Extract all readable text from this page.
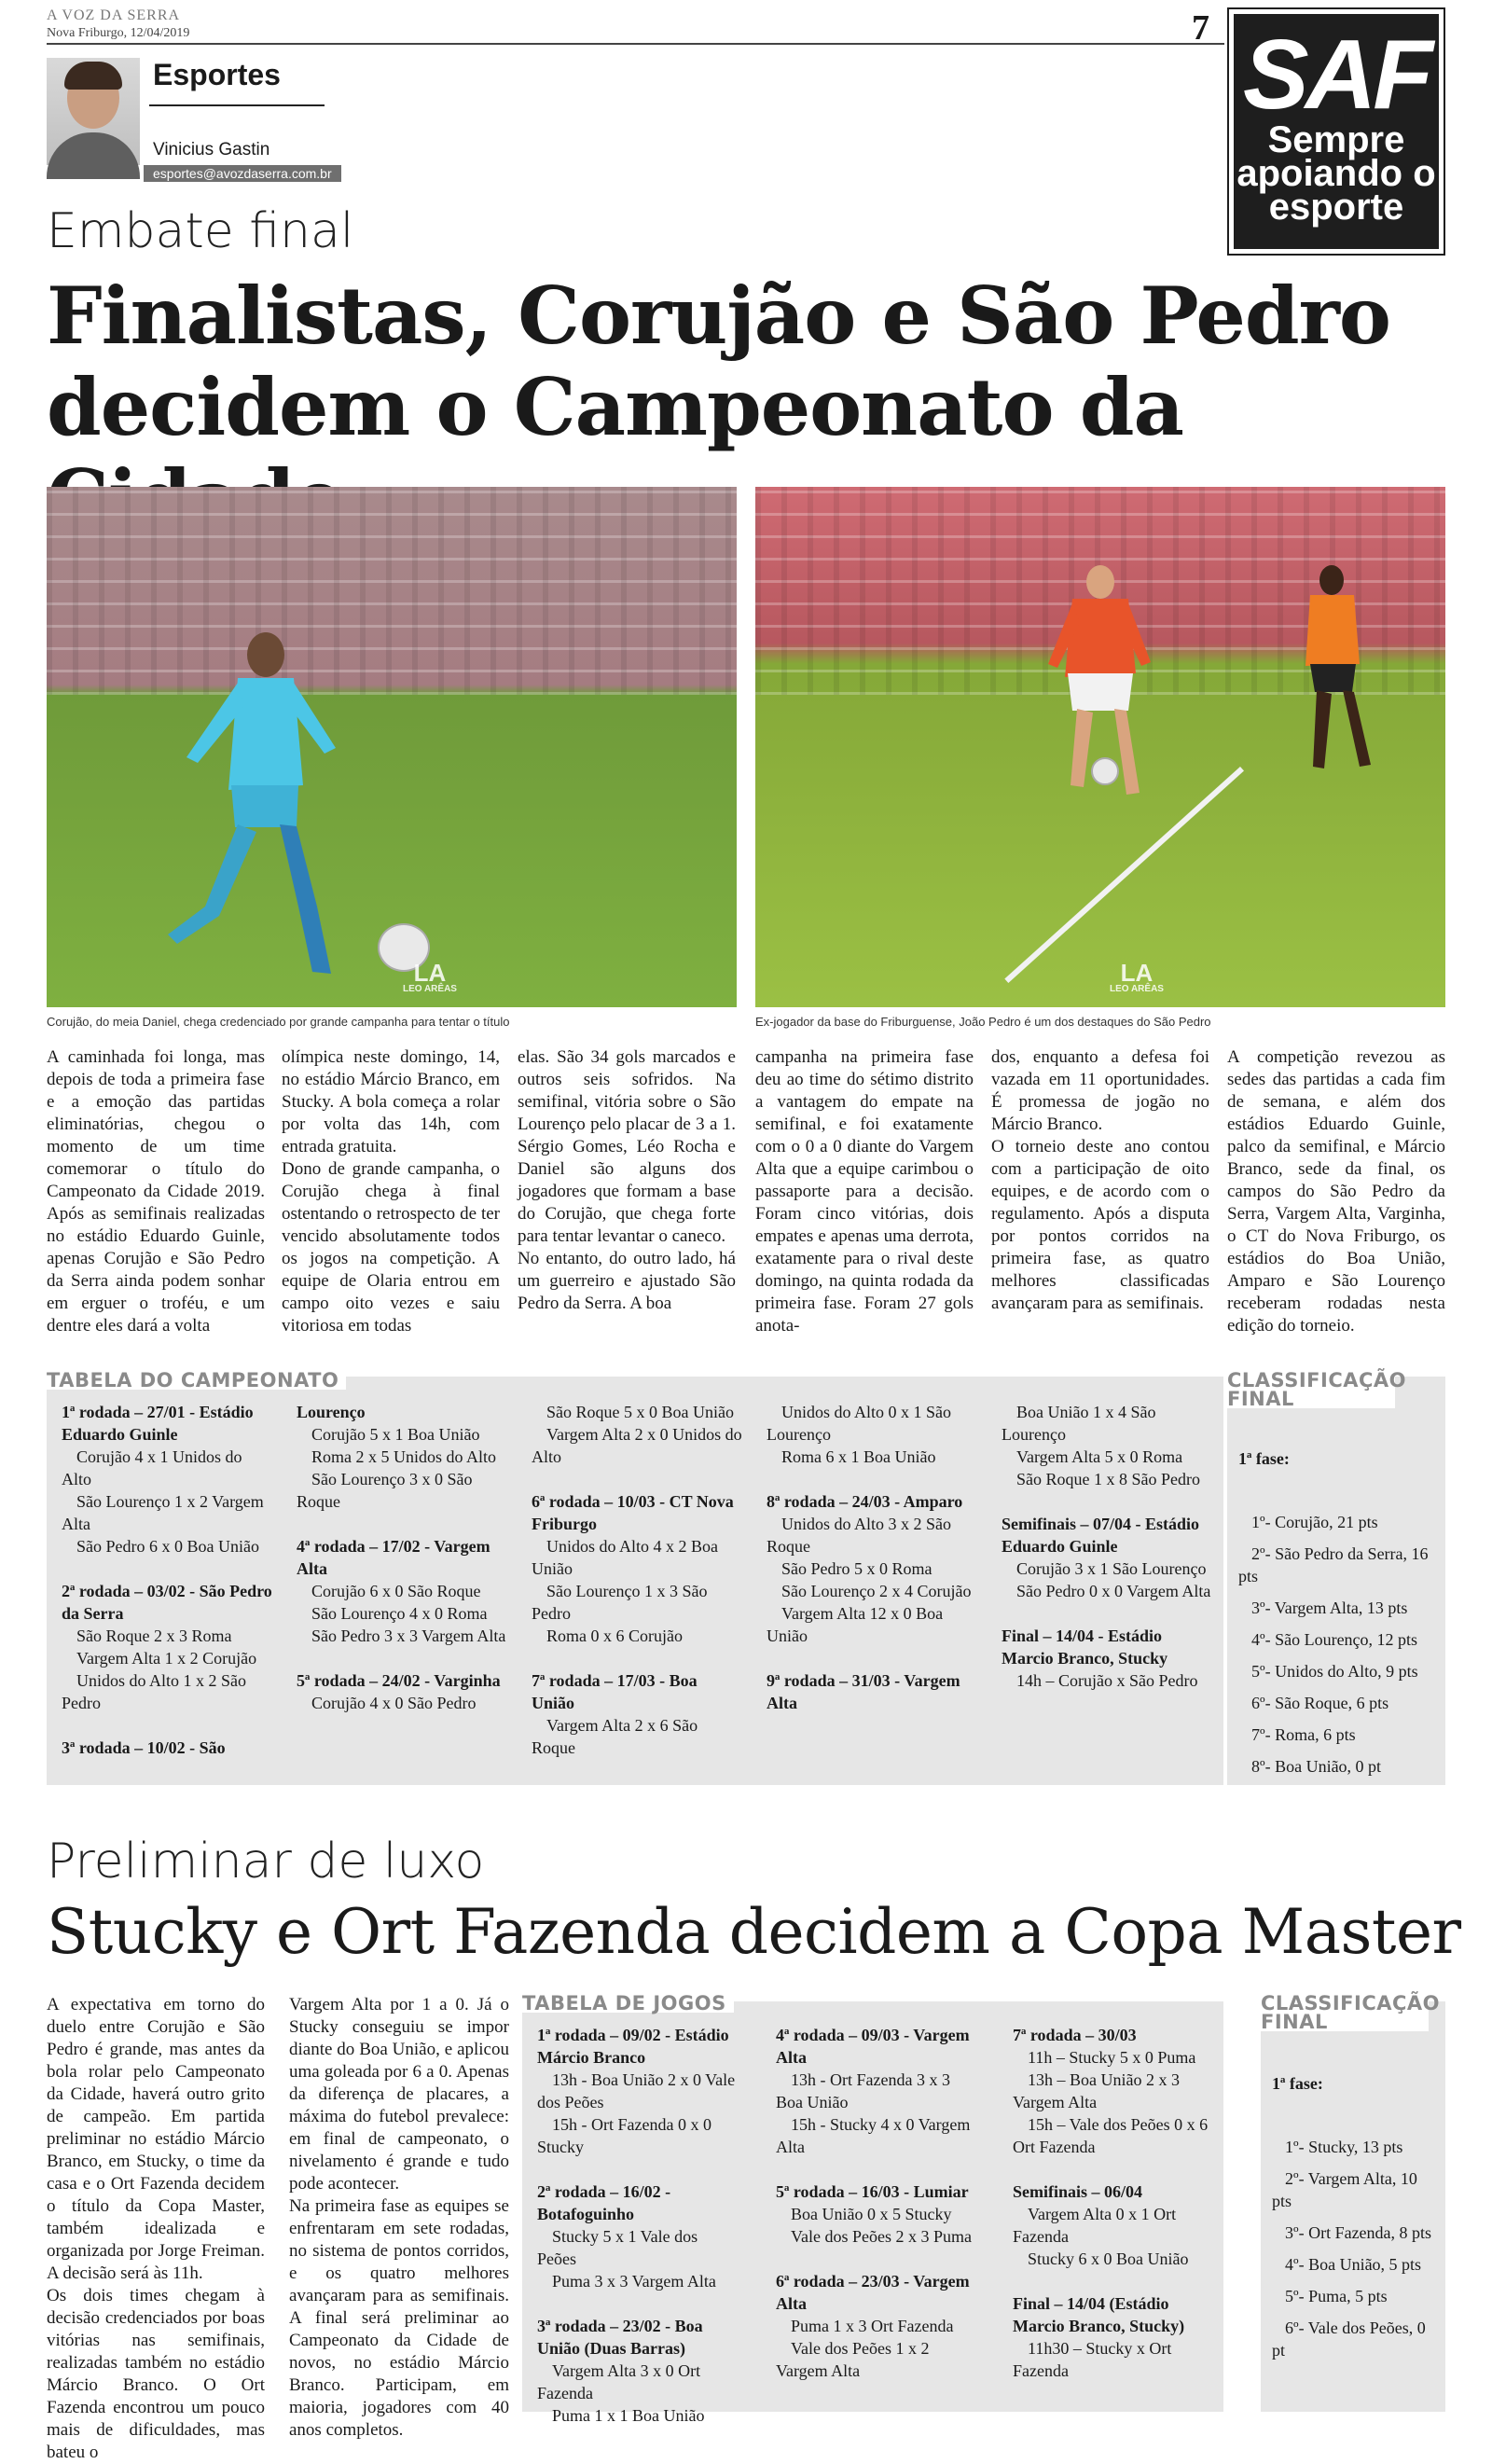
A VOZ DA SERRA
Nova Friburgo, 12/04/2019	7
Esportes
Vinicius Gastin
esportes@avozdaserra.com.br
SAF
Sempre
apoiando o
esporte
Embate final
Finalistas, Corujão e São Pedro
decidem o Campeonato da
LA
LEO ARÊAS
LA
LEO ARÊAS
Corujão, do meia Daniel, chega credenciado por grande campanha para tentar o título	Ex-jogador da base do Friburguense, João Pedro é um dos destaques do São Pedro
A caminhada foi longa, mas depois de toda a primeira fase e a emoção das partidas eliminatórias, chegou o momento de um time comemorar o título do Campeonato da Cidade 2019. Após as semifinais realizadas no estádio Eduardo Guinle, apenas Corujão e São Pedro da Serra ainda podem sonhar em erguer o troféu, e um dentre eles dará a volta
olímpica neste domingo, 14, no estádio Márcio Branco, em Stucky. A bola começa a rolar por volta das 14h, com entrada gratuita.
Dono de grande campanha, o Corujão chega à final ostentando o retrospecto de ter vencido absolutamente todos os jogos na competição. A equipe de Olaria entrou em campo oito vezes e saiu vitoriosa em todas
elas. São 34 gols marcados e outros seis sofridos. Na semifinal, vitória sobre o São Lourenço pelo placar de 3 a 1. Sérgio Gomes, Léo Rocha e Daniel são alguns dos jogadores que formam a base do Corujão, que chega forte para tentar levantar o caneco.
No entanto, do outro lado, há um guerreiro e ajustado São Pedro da Serra. A boa
campanha na primeira fase deu ao time do sétimo distrito a vantagem do empate na semifinal, e foi exatamente com o 0 a 0 diante do Vargem Alta que a equipe carimbou o passaporte para a decisão. Foram cinco vitórias, dois empates e apenas uma derrota, exatamente para o rival deste domingo, na quinta rodada da primeira fase. Foram 27 gols anota-
dos, enquanto a defesa foi vazada em 11 oportunidades. É promessa de jogão no Márcio Branco.
O torneio deste ano contou com a participação de oito equipes, e de acordo com o regulamento. Após a disputa por pontos corridos na primeira fase, as quatro melhores classificadas avançaram para as semifinais.
A competição revezou as sedes das partidas a cada fim de semana, e além dos estádios Eduardo Guinle, palco da semifinal, e Márcio Branco, sede da final, os campos do São Pedro da Serra, Vargem Alta, Varginha, o CT do Nova Friburgo, os estádios do Boa União, Amparo e São Lourenço receberam rodadas nesta edição do torneio.
TABELA DO CAMPEONATO
1ª rodada – 27/01 - Estádio Eduardo Guinle
Corujão 4 x 1 Unidos do Alto
São Lourenço 1 x 2 Vargem Alta
São Pedro 6 x 0 Boa União
2ª rodada – 03/02 - São Pedro da Serra
São Roque 2 x 3 Roma
Vargem Alta 1 x 2 Corujão
Unidos do Alto 1 x 2 São Pedro
3ª rodada – 10/02 - São
Lourenço
Corujão 5 x 1 Boa União
Roma 2 x 5 Unidos do Alto
São Lourenço 3 x 0 São Roque
4ª rodada – 17/02 - Vargem Alta
Corujão 6 x 0 São Roque
São Lourenço 4 x 0 Roma
São Pedro 3 x 3 Vargem Alta
5ª rodada – 24/02 - Varginha
Corujão 4 x 0 São Pedro
São Roque 5 x 0 Boa União
Vargem Alta 2 x 0 Unidos do Alto
6ª rodada – 10/03 - CT Nova Friburgo
Unidos do Alto 4 x 2 Boa União
São Lourenço 1 x 3 São Pedro
Roma 0 x 6 Corujão
7ª rodada – 17/03 - Boa União
Vargem Alta 2 x 6 São Roque
Unidos do Alto 0 x 1 São Lourenço
Roma 6 x 1 Boa União
8ª rodada – 24/03 - Amparo
Unidos do Alto 3 x 2 São Roque
São Pedro 5 x 0 Roma
São Lourenço 2 x 4 Corujão
Vargem Alta 12 x 0 Boa União
9ª rodada – 31/03 - Vargem Alta
Boa União 1 x 4 São Lourenço
Vargem Alta 5 x 0 Roma
São Roque 1 x 8 São Pedro
Semifinais – 07/04 - Estádio Eduardo Guinle
Corujão 3 x 1 São Lourenço
São Pedro 0 x 0 Vargem Alta
Final – 14/04 - Estádio Marcio Branco, Stucky
14h – Corujão x São Pedro
CLASSIFICAÇÃO FINAL

1ª fase:

1º- Corujão, 21 pts
2º- São Pedro da Serra, 16 pts
3º- Vargem Alta, 13 pts
4º- São Lourenço, 12 pts
5º- Unidos do Alto, 9 pts
6º- São Roque, 6 pts
7º- Roma, 6 pts
8º- Boa União, 0 pt

Preliminar de luxo
Stucky e Ort Fazenda decidem a Copa Master
A expectativa em torno do duelo entre Corujão e São Pedro é grande, mas antes da bola rolar pelo Campeonato da Cidade, haverá outro grito de campeão. Em partida preliminar no estádio Márcio Branco, em Stucky, o time da casa e o Ort Fazenda decidem o título da Copa Master, também idealizada e organizada por Jorge Freiman. A decisão será às 11h.
Os dois times chegam à decisão credenciados por boas vitórias nas semifinais, realizadas também no estádio Márcio Branco. O Ort Fazenda encontrou um pouco mais de dificuldades, mas bateu o
Vargem Alta por 1 a 0. Já o Stucky conseguiu se impor diante do Boa União, e aplicou uma goleada por 6 a 0. Apenas da diferença de placares, a máxima do futebol prevalece: em final de campeonato, o nivelamento é grande e tudo pode acontecer.
Na primeira fase as equipes se enfrentaram em sete rodadas, no sistema de pontos corridos, e os quatro melhores avançaram para as semifinais. A final será preliminar ao Campeonato da Cidade de novos, no estádio Márcio Branco. Participam, em maioria, jogadores com 40 anos completos.
TABELA DE JOGOS
1ª rodada – 09/02 - Estádio Márcio Branco
13h - Boa União 2 x 0 Vale dos Peões
15h - Ort Fazenda 0 x 0 Stucky
2ª rodada – 16/02 - Botafoguinho
Stucky 5 x 1 Vale dos Peões
Puma 3 x 3 Vargem Alta
3ª rodada – 23/02 - Boa União (Duas Barras)
Vargem Alta 3 x 0 Ort Fazenda
Puma 1 x 1 Boa União
4ª rodada – 09/03 - Vargem Alta
13h - Ort Fazenda 3 x 3 Boa União
15h - Stucky 4 x 0 Vargem Alta
5ª rodada – 16/03 - Lumiar
Boa União 0 x 5 Stucky
Vale dos Peões 2 x 3 Puma
6ª rodada – 23/03 - Vargem Alta
Puma 1 x 3 Ort Fazenda
Vale dos Peões 1 x 2 Vargem Alta
7ª rodada – 30/03
11h – Stucky 5 x 0 Puma
13h – Boa União 2 x 3 Vargem Alta
15h – Vale dos Peões 0 x 6 Ort Fazenda
Semifinais – 06/04
Vargem Alta 0 x 1 Ort Fazenda
Stucky 6 x 0 Boa União
Final – 14/04 (Estádio Marcio Branco, Stucky)
11h30 – Stucky x Ort Fazenda
CLASSIFICAÇÃO FINAL

1ª fase:

1º- Stucky, 13 pts
2º- Vargem Alta, 10 pts
3º- Ort Fazenda, 8 pts
4º- Boa União, 5 pts
5º- Puma, 5 pts
6º- Vale dos Peões, 0 pt
